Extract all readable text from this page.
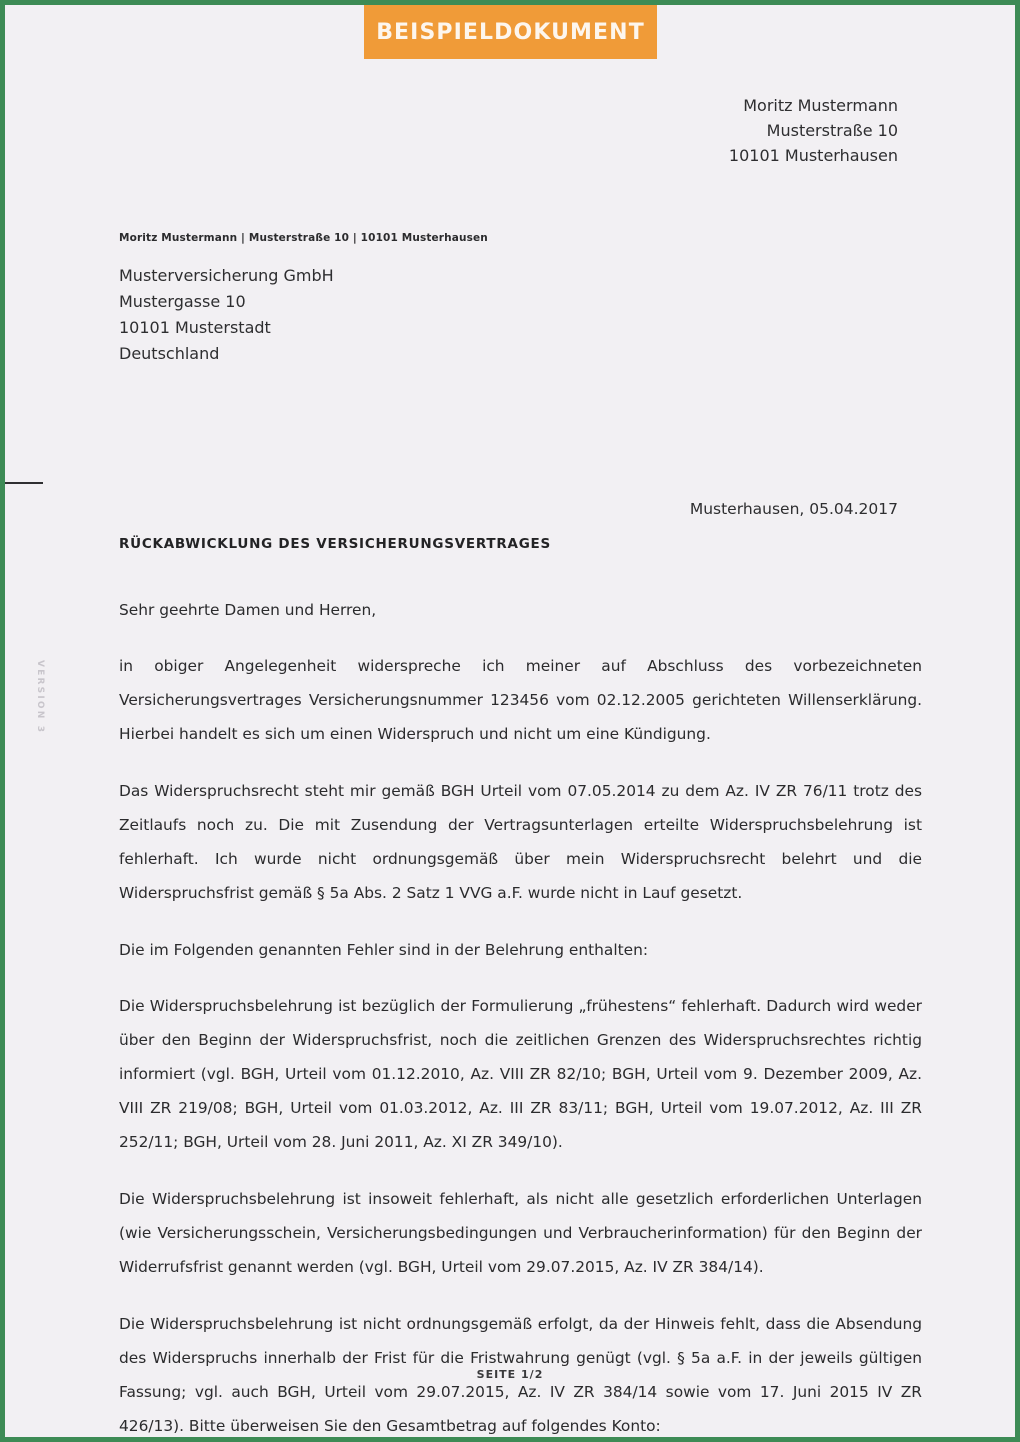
BEISPIELDOKUMENT
Moritz Mustermann
Musterstraße 10
10101 Musterhausen
Moritz Mustermann | Musterstraße 10 | 10101 Musterhausen
Musterversicherung GmbH
Mustergasse 10
10101 Musterstadt
Deutschland
VERSION 3
Musterhausen, 05.04.2017
RÜCKABWICKLUNG DES VERSICHERUNGSVERTRAGES

Sehr geehrte Damen und Herren,

in obiger Angelegenheit widerspreche ich meiner auf Abschluss des vorbezeichneten Versicherungsvertrages Versicherungsnummer 123456 vom 02.12.2005 gerichteten Willenserklärung. Hierbei handelt es sich um einen Widerspruch und nicht um eine Kündigung.

Das Widerspruchsrecht steht mir gemäß BGH Urteil vom 07.05.2014 zu dem Az. IV ZR 76/11 trotz des Zeitlaufs noch zu. Die mit Zusendung der Vertragsunterlagen erteilte Widerspruchsbelehrung ist fehlerhaft. Ich wurde nicht ordnungsgemäß über mein Widerspruchsrecht belehrt und die Widerspruchsfrist gemäß § 5a Abs. 2 Satz 1 VVG a.F. wurde nicht in Lauf gesetzt.

Die im Folgenden genannten Fehler sind in der Belehrung enthalten:

Die Widerspruchsbelehrung ist bezüglich der Formulierung „frühestens“ fehlerhaft. Dadurch wird weder über den Beginn der Widerspruchsfrist, noch die zeitlichen Grenzen des Widerspruchsrechtes richtig informiert (vgl. BGH, Urteil vom 01.12.2010, Az. VIII ZR 82/10; BGH, Urteil vom 9. Dezember 2009, Az. VIII ZR 219/08; BGH, Urteil vom 01.03.2012, Az. III ZR 83/11; BGH, Urteil vom 19.07.2012, Az. III ZR 252/11; BGH, Urteil vom 28. Juni 2011, Az. XI ZR 349/10).

Die Widerspruchsbelehrung ist insoweit fehlerhaft, als nicht alle gesetzlich erforderlichen Unterlagen (wie Versicherungsschein, Versicherungsbedingungen und Verbraucherinformation) für den Beginn der Widerrufsfrist genannt werden (vgl. BGH, Urteil vom 29.07.2015, Az. IV ZR 384/14).

Die Widerspruchsbelehrung ist nicht ordnungsgemäß erfolgt, da der Hinweis fehlt, dass die Absendung des Widerspruchs innerhalb der Frist für die Fristwahrung genügt (vgl. § 5a a.F. in der jeweils gültigen Fassung; vgl. auch BGH, Urteil vom 29.07.2015, Az. IV ZR 384/14 sowie vom 17. Juni 2015 IV ZR 426/13). Bitte überweisen Sie den Gesamtbetrag auf folgendes Konto:

SEITE 1/2
